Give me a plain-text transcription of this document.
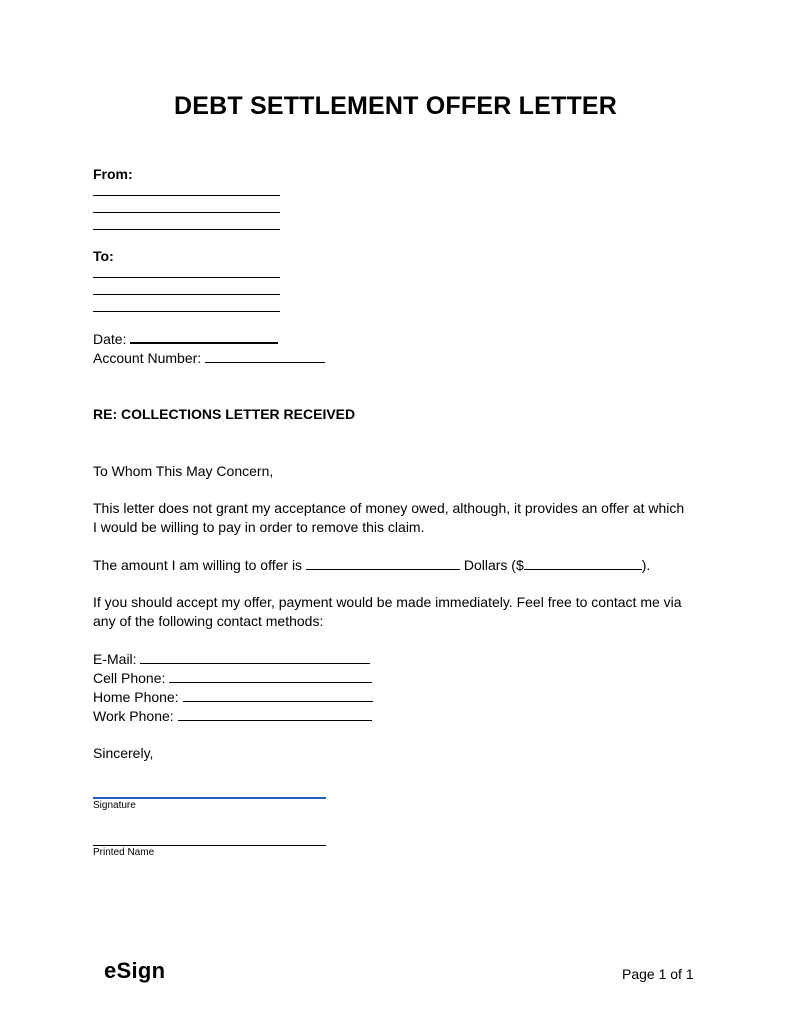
DEBT SETTLEMENT OFFER LETTER
From:
To:
Date:
Account Number:
RE: COLLECTIONS LETTER RECEIVED
To Whom This May Concern,
This letter does not grant my acceptance of money owed, although, it provides an offer at which
I would be willing to pay in order to remove this claim.
The amount I am willing to offer is	Dollars ($	).
If you should accept my offer, payment would be made immediately. Feel free to contact me via
any of the following contact methods:
E-Mail:
Cell Phone:
Home Phone:
Work Phone:
Sincerely,
Signature
Printed Name
eSign	Page 1 of 1
